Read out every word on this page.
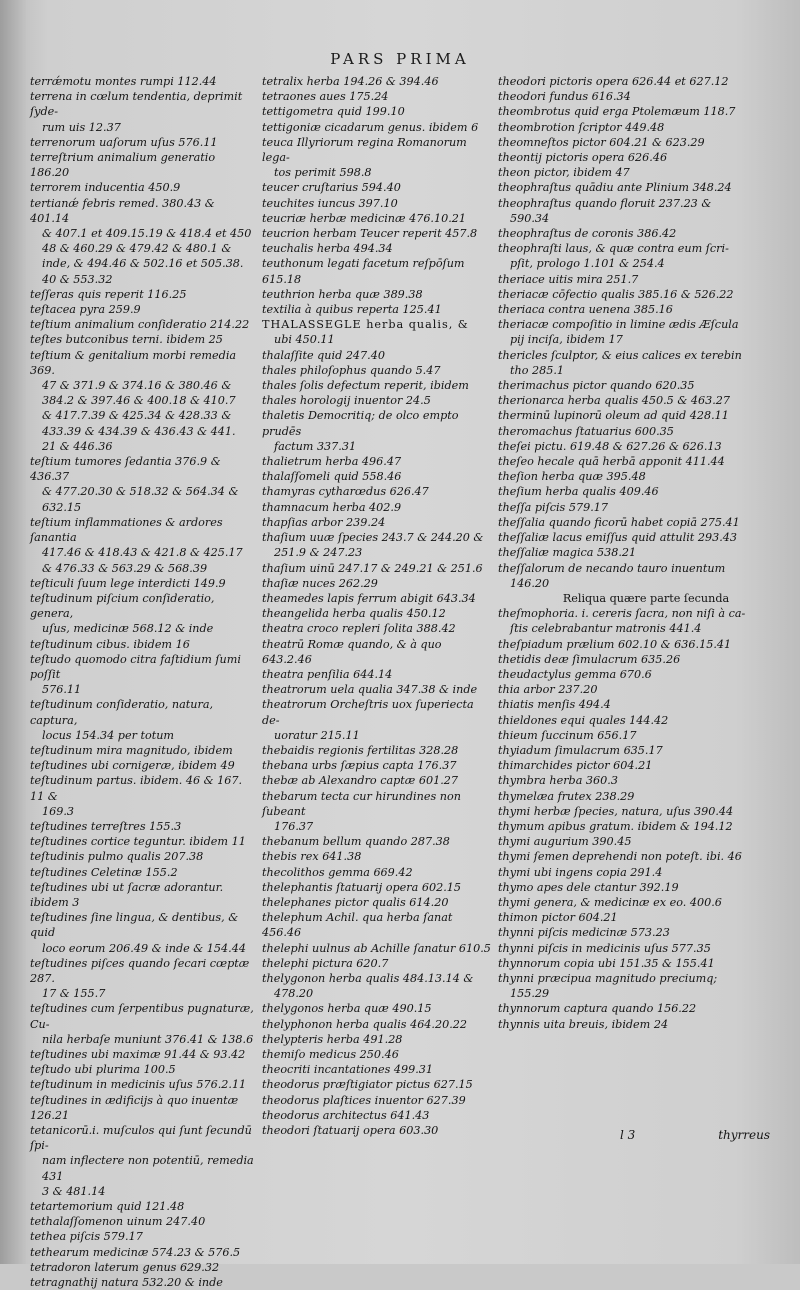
PARS PRIMA
terrǽmotu montes rumpi 112.44
terrena in cœlum tendentia, deprimit ſyde-
rum uis 12.37
terrenorum uaſorum uſus 576.11
terreſtrium animalium generatio 186.20
terrorem inducentia 450.9
tertianǽ febris remed. 380.43 & 401.14
& 407.1 et 409.15.19 & 418.4 et 450
48 & 460.29 & 479.42 & 480.1 &
inde, & 494.46 & 502.16 et 505.38.
40 & 553.32
teſſeras quis reperit 116.25
teſtacea pyra 259.9
teſtium animalium conſideratio 214.22
teſtes butconibus terni. ibidem 25
teſtium & genitalium morbi remedia 369.
47 & 371.9 & 374.16 & 380.46 &
384.2 & 397.46 & 400.18 & 410.7
& 417.7.39 & 425.34 & 428.33 &
433.39 & 434.39 & 436.43 & 441.
21 & 446.36
teſtium tumores ſedantia 376.9 & 436.37
& 477.20.30 & 518.32 & 564.34 &
632.15
teſtium inflammationes & ardores ſanantia
417.46 & 418.43 & 421.8 & 425.17
& 476.33 & 563.29 & 568.39
teſticuli ſuum lege interdicti 149.9
teſtudinum piſcium conſideratio, genera,
uſus, medicinæ 568.12 & inde
teſtudinum cibus. ibidem 16
teſtudo quomodo citra faſtidium ſumi poſſit
576.11
teſtudinum conſideratio, natura, captura,
locus 154.34 per totum
teſtudinum mira magnitudo, ibidem
teſtudines ubi cornigeræ, ibidem 49
teſtudinum partus. ibidem. 46 & 167. 11 &
169.3
teſtudines terreſtres 155.3
teſtudines cortice teguntur. ibidem 11
teſtudinis pulmo qualis 207.38
teſtudines Celetinæ 155.2
teſtudines ubi ut ſacræ adorantur. ibidem 3
teſtudines ſine lingua, & dentibus, & quid
loco eorum 206.49 & inde & 154.44
teſtudines piſces quando ſecari cœptæ 287.
17 & 155.7
teſtudines cum ſerpentibus pugnaturæ, Cu-
nila herbaſe muniunt 376.41 & 138.6
teſtudines ubi maximæ 91.44 & 93.42
teſtudo ubi plurima 100.5
teſtudinum in medicinis uſus 576.2.11
teſtudines in ædificijs à quo inuentæ 126.21
tetanicorū.i. muſculos qui ſunt ſecundū ſpi-
nam inflectere non potentiū, remedia 431
3 & 481.14
tetartemorium quid 121.48
tethalaſſomenon uinum 247.40
tethea piſcis 579.17
tethearum medicinæ 574.23 & 576.5
tetradoron laterum genus 629.32
tetragnathij natura 532.20 & inde
tetralix herba 194.26 & 394.46
tetraones aues 175.24
tettigometra quid 199.10
tettigoniæ cicadarum genus. ibidem 6
teuca Illyriorum regina Romanorum lega-
tos perimit 598.8
teucer cruſtarius 594.40
teuchites iuncus 397.10
teucriæ herbæ medicinæ 476.10.21
teucrion herbam Teucer reperit 457.8
teuchalis herba 494.34
teuthonum legati facetum reſpōſum 615.18
teuthrion herba quæ 389.38
textilia à quibus reperta 125.41
THALASSEGLE herba qualis, &
ubi 450.11
thalaſſite quid 247.40
thales philoſophus quando 5.47
thales ſolis defectum reperit, ibidem
thales horologij inuentor 24.5
thaletis Democritiq; de olco empto prudēs
factum 337.31
thalietrum herba 496.47
thalaſſomeli quid 558.46
thamyras cytharœdus 626.47
thamnacum herba 402.9
thapſias arbor 239.24
thaſium uuæ ſpecies 243.7 & 244.20 &
251.9 & 247.23
thaſium uinū 247.17 & 249.21 & 251.6
thaſiæ nuces 262.29
theamedes lapis ferrum abigit 643.34
theangelida herba qualis 450.12
theatra croco repleri ſolita 388.42
theatrū Romæ quando, & à quo 643.2.46
theatra penſilia 644.14
theatrorum uela qualia 347.38 & inde
theatrorum Orcheſtris uox ſuperiecta de-
uoratur 215.11
thebaidis regionis fertilitas 328.28
thebana urbs ſæpius capta 176.37
thebæ ab Alexandro captæ 601.27
thebarum tecta cur hirundines non ſubeant
176.37
thebanum bellum quando 287.38
thebis rex 641.38
thecolithos gemma 669.42
thelephantis ſtatuarij opera 602.15
thelephanes pictor qualis 614.20
thelephum Achil. qua herba ſanat 456.46
thelephi uulnus ab Achille ſanatur 610.5
thelephi pictura 620.7
thelygonon herba qualis 484.13.14 &
478.20
thelygonos herba quæ 490.15
thelyphonon herba qualis 464.20.22
thelypteris herba 491.28
themiſo medicus 250.46
theocriti incantationes 499.31
theodorus præſtigiator pictus 627.15
theodorus plaſtices inuentor 627.39
theodorus architectus 641.43
theodori ſtatuarij opera 603.30
theodori pictoris opera 626.44 et 627.12
theodori fundus 616.34
theombrotus quid erga Ptolemæum 118.7
theombrotion ſcriptor 449.48
theomneſtos pictor 604.21 & 623.29
theontij pictoris opera 626.46
theon pictor, ibidem 47
theophraſtus quādiu ante Plinium 348.24
theophraſtus quando floruit 237.23 &
590.34
theophraſtus de coronis 386.42
theophraſti laus, & quæ contra eum ſcri-
pſit, prologo 1.101 & 254.4
theriace uitis mira 251.7
theriacæ cōfectio qualis 385.16 & 526.22
theriaca contra uenena 385.16
theriacæ compoſitio in limine ædis Æſcula
pij inciſa, ibidem 17
thericles ſculptor, & eius calices ex terebin
tho 285.1
therimachus pictor quando 620.35
therionarca herba qualis 450.5 & 463.27
therminū lupinorū oleum ad quid 428.11
theromachus ſtatuarius 600.35
theſei pictu. 619.48 & 627.26 & 626.13
theſeo hecale quā herbā apponit 411.44
theſion herba quæ 395.48
theſium herba qualis 409.46
theſſa piſcis 579.17
theſſalia quando ficorū habet copiā 275.41
theſſaliæ lacus emiſſus quid attulit 293.43
theſſaliæ magica 538.21
theſſalorum de necando tauro inuentum
146.20
Reliqua quære parte ſecunda
theſmophoria. i. cereris ſacra, non niſi à ca-
ſtis celebrabantur matronis 441.4
theſpiadum prælium 602.10 & 636.15.41
thetidis deæ ſimulacrum 635.26
theudactylus gemma 670.6
thia arbor 237.20
thiatis menſis 494.4
thieldones equi quales 144.42
thieum ſuccinum 656.17
thyiadum ſimulacrum 635.17
thimarchides pictor 604.21
thymbra herba 360.3
thymelæa frutex 238.29
thymi herbæ ſpecies, natura, uſus 390.44
thymum apibus gratum. ibidem & 194.12
thymi augurium 390.45
thymi ſemen deprehendi non poteſt. ibi. 46
thymi ubi ingens copia 291.4
thymo apes dele ctantur 392.19
thymi genera, & medicinæ ex eo. 400.6
thimon pictor 604.21
thynni piſcis medicinæ 573.23
thynni piſcis in medicinis uſus 577.35
thynnorum copia ubi 151.35 & 155.41
thynni præcipua magnitudo preciumq;
155.29
thynnorum captura quando 156.22
thynnis uita breuis, ibidem 24
l 3	thyrreus
